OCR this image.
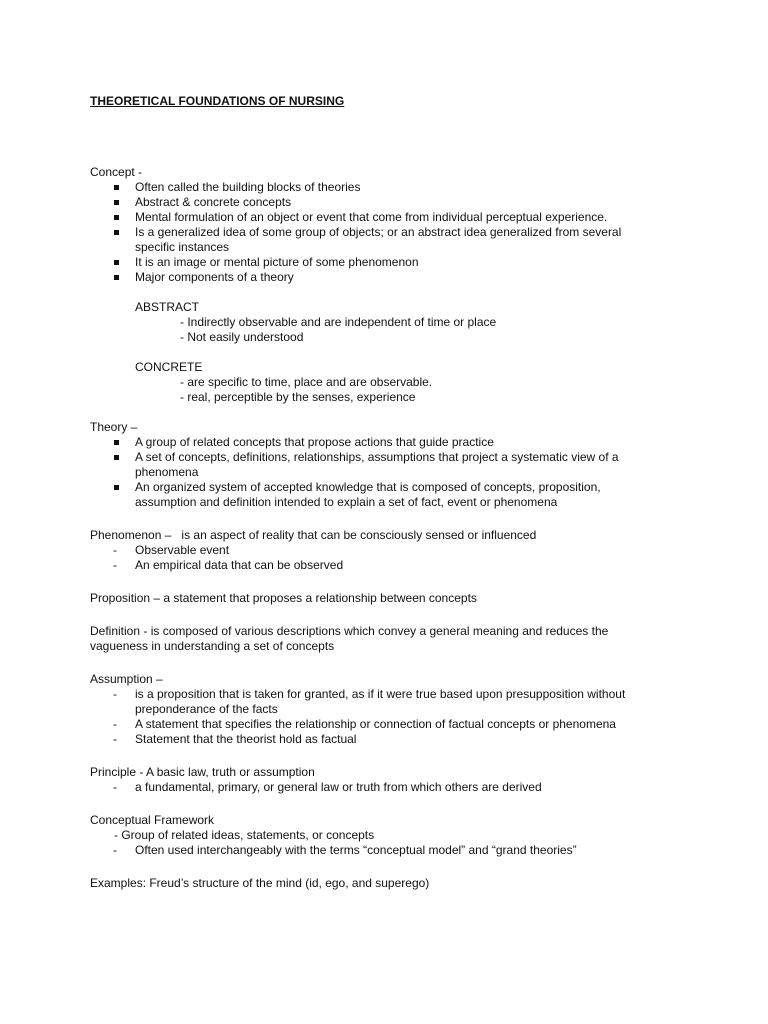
THEORETICAL FOUNDATIONS OF NURSING
Concept -
Often called the building blocks of theories
Abstract & concrete concepts
Mental formulation of an object or event that come from individual perceptual experience.
Is a generalized idea of some group of objects; or an abstract idea generalized from several specific instances
It is an image or mental picture of some phenomenon
Major components of a theory
ABSTRACT
- Indirectly observable and are independent of time or place
- Not easily understood
CONCRETE
- are specific to time, place and are observable.
- real, perceptible by the senses, experience
Theory –
A group of related concepts that propose actions that guide practice
A set of concepts, definitions, relationships, assumptions that project a systematic view of a phenomena
An organized system of accepted knowledge that is composed of concepts, proposition, assumption and definition intended to explain a set of fact, event or phenomena
Phenomenon –   is an aspect of reality that can be consciously sensed or influenced
- Observable event
- An empirical data that can be observed
Proposition – a statement that proposes a relationship between concepts
Definition - is composed of various descriptions which convey a general meaning and reduces the vagueness in understanding a set of concepts
Assumption –
- is a proposition that is taken for granted, as if it were true based upon presupposition without preponderance of the facts
- A statement that specifies the relationship or connection of factual concepts or phenomena
- Statement that the theorist hold as factual
Principle - A basic law, truth or assumption
- a fundamental, primary, or general law or truth from which others are derived
Conceptual Framework
- Group of related ideas, statements, or concepts
- Often used interchangeably with the terms “conceptual model” and “grand theories”
Examples: Freud’s structure of the mind (id, ego, and superego)
